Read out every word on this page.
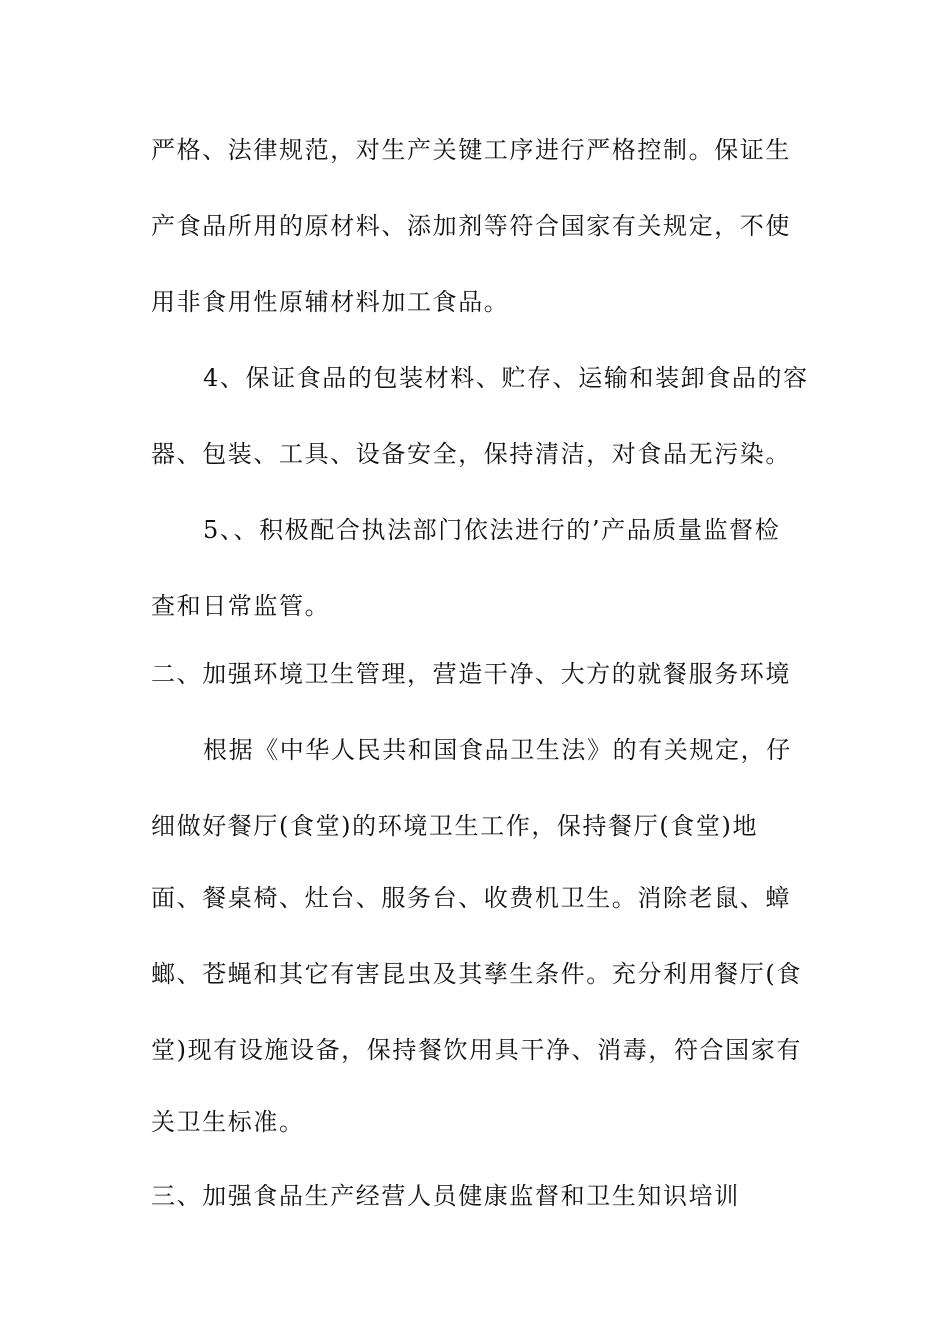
严格、法律规范，对生产关键工序进行严格控制。保证生

产食品所用的原材料、添加剂等符合国家有关规定，不使

用非食用性原辅材料加工食品。

4、保证食品的包装材料、贮存、运输和装卸食品的容

器、包装、工具、设备安全，保持清洁，对食品无污染。

5、、积极配合执法部门依法进行的’产品质量监督检

查和日常监管。

二、加强环境卫生管理，营造干净、大方的就餐服务环境

根据《中华人民共和国食品卫生法》的有关规定，仔

细做好餐厅(食堂)的环境卫生工作，保持餐厅(食堂)地

面、餐桌椅、灶台、服务台、收费机卫生。消除老鼠、蟑

螂、苍蝇和其它有害昆虫及其孳生条件。充分利用餐厅(食

堂)现有设施设备，保持餐饮用具干净、消毒，符合国家有

关卫生标准。

三、加强食品生产经营人员健康监督和卫生知识培训
